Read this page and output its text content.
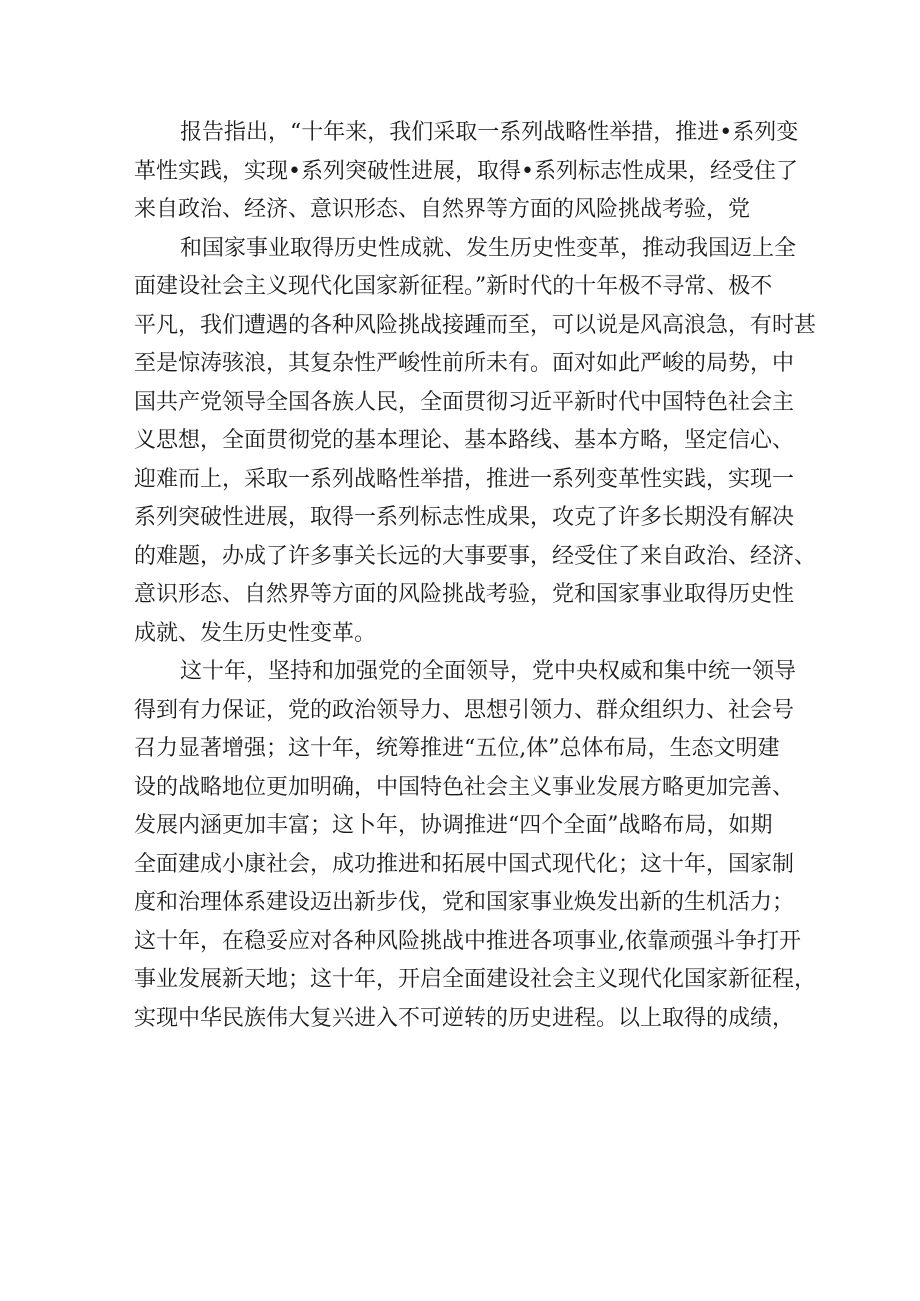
报告指出，“十年来，我们采取一系列战略性举措，推进•系列变
革性实践，实现•系列突破性进展，取得•系列标志性成果，经受住了
来自政治、经济、意识形态、自然界等方面的风险挑战考验，党
和国家事业取得历史性成就、发生历史性变革，推动我国迈上全
面建设社会主义现代化国家新征程。”新时代的十年极不寻常、极不
平凡，我们遭遇的各种风险挑战接踵而至，可以说是风高浪急，有时甚
至是惊涛骇浪，其复杂性严峻性前所未有。面对如此严峻的局势，中
国共产党领导全国各族人民，全面贯彻习近平新时代中国特色社会主
义思想，全面贯彻党的基本理论、基本路线、基本方略，坚定信心、
迎难而上，采取一系列战略性举措，推进一系列变革性实践，实现一
系列突破性进展，取得一系列标志性成果，攻克了许多长期没有解决
的难题，办成了许多事关长远的大事要事，经受住了来自政治、经济、
意识形态、自然界等方面的风险挑战考验，党和国家事业取得历史性
成就、发生历史性变革。
这十年，坚持和加强党的全面领导，党中央权威和集中统一领导
得到有力保证，党的政治领导力、思想引领力、群众组织力、社会号
召力显著增强；这十年，统筹推进“五位,体”总体布局，生态文明建
设的战略地位更加明确，中国特色社会主义事业发展方略更加完善、
发展内涵更加丰富；这卜年，协调推进“四个全面”战略布局，如期
全面建成小康社会，成功推进和拓展中国式现代化；这十年，国家制
度和治理体系建设迈出新步伐，党和国家事业焕发出新的生机活力；
这十年，在稳妥应对各种风险挑战中推进各项事业,依靠顽强斗争打开
事业发展新天地；这十年，开启全面建设社会主义现代化国家新征程，
实现中华民族伟大复兴进入不可逆转的历史进程。以上取得的成绩，
